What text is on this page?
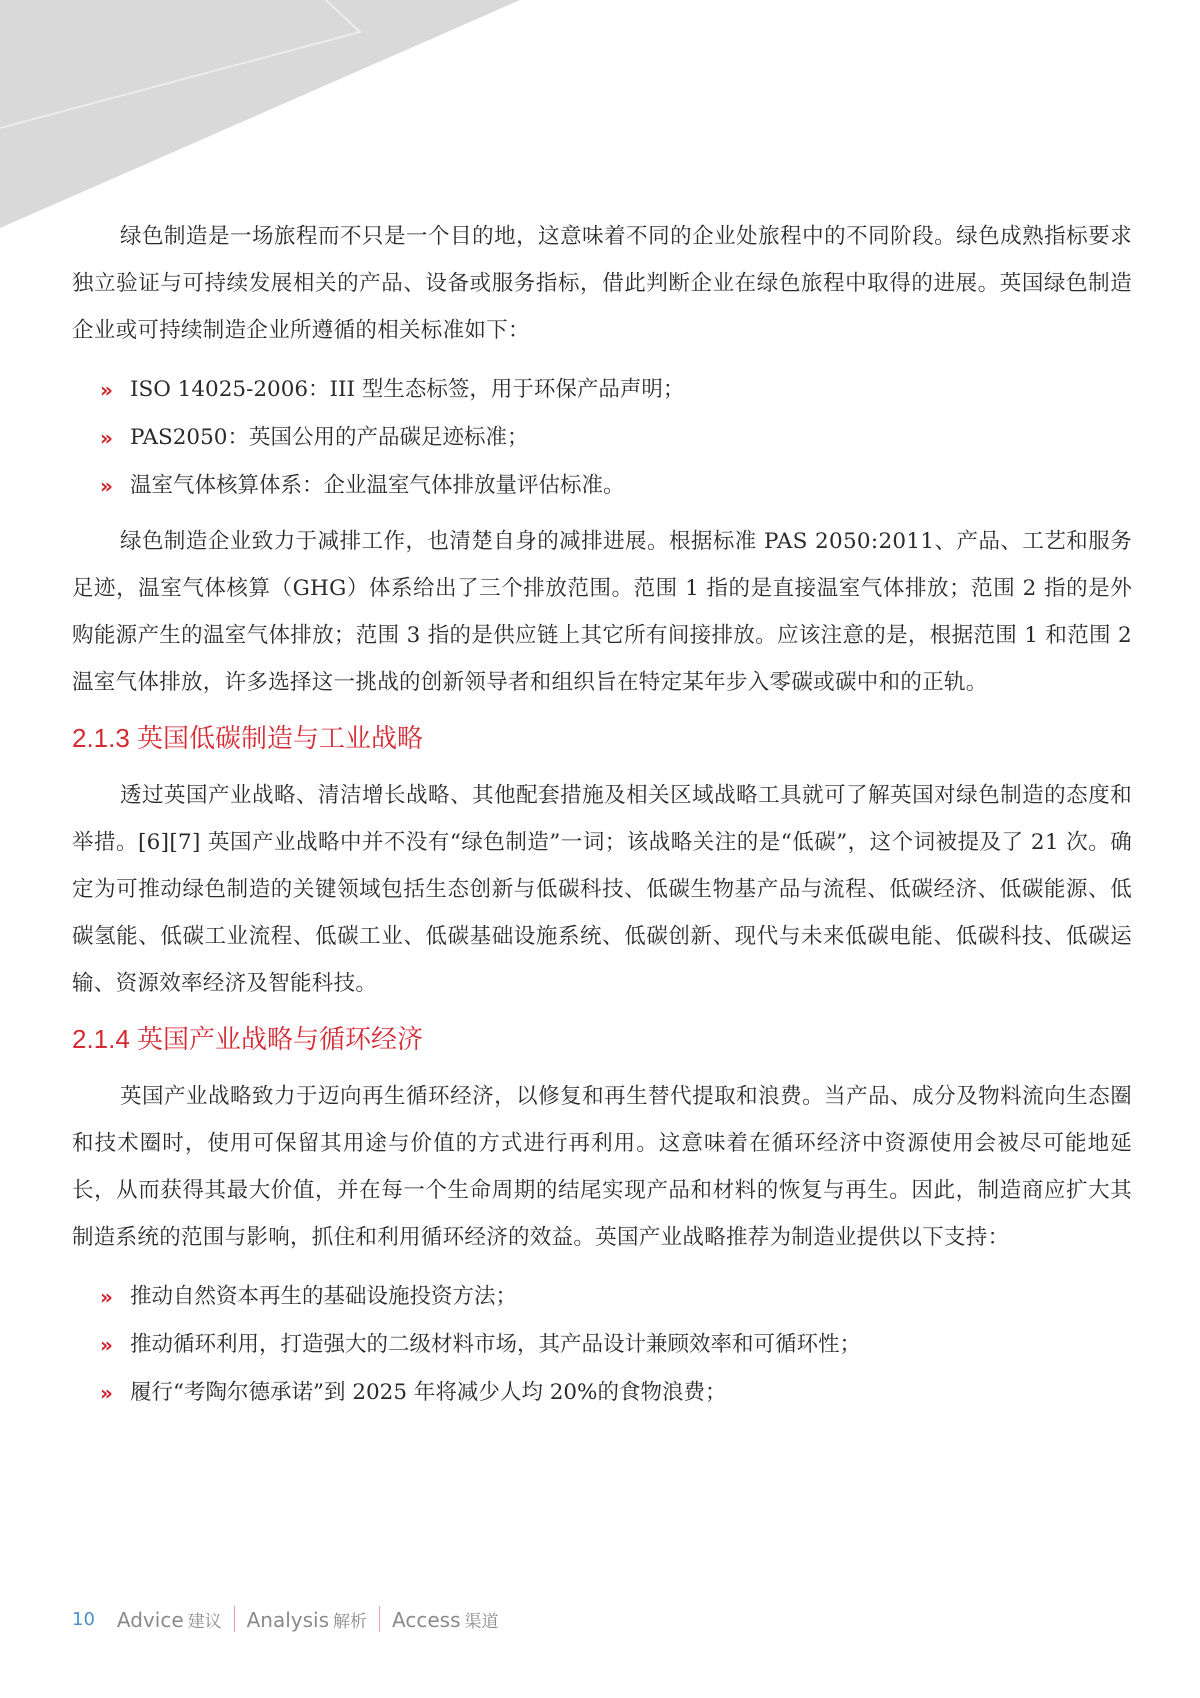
绿色制造是一场旅程而不只是一个目的地，这意味着不同的企业处旅程中的不同阶段。绿色成熟指标要求独立验证与可持续发展相关的产品、设备或服务指标，借此判断企业在绿色旅程中取得的进展。英国绿色制造企业或可持续制造企业所遵循的相关标准如下：

» ISO 14025-2006：III 型生态标签，用于环保产品声明；
» PAS2050：英国公用的产品碳足迹标准；
» 温室气体核算体系：企业温室气体排放量评估标准。

绿色制造企业致力于减排工作，也清楚自身的减排进展。根据标准 PAS 2050:2011、产品、工艺和服务足迹，温室气体核算（GHG）体系给出了三个排放范围。范围 1 指的是直接温室气体排放；范围 2 指的是外购能源产生的温室气体排放；范围 3 指的是供应链上其它所有间接排放。应该注意的是，根据范围 1 和范围 2 温室气体排放，许多选择这一挑战的创新领导者和组织旨在特定某年步入零碳或碳中和的正轨。

2.1.3 英国低碳制造与工业战略

透过英国产业战略、清洁增长战略、其他配套措施及相关区域战略工具就可了解英国对绿色制造的态度和举措。[6][7] 英国产业战略中并不没有“绿色制造”一词；该战略关注的是“低碳”，这个词被提及了 21 次。确定为可推动绿色制造的关键领域包括生态创新与低碳科技、低碳生物基产品与流程、低碳经济、低碳能源、低碳氢能、低碳工业流程、低碳工业、低碳基础设施系统、低碳创新、现代与未来低碳电能、低碳科技、低碳运输、资源效率经济及智能科技。

2.1.4 英国产业战略与循环经济

英国产业战略致力于迈向再生循环经济，以修复和再生替代提取和浪费。当产品、成分及物料流向生态圈和技术圈时，使用可保留其用途与价值的方式进行再利用。这意味着在循环经济中资源使用会被尽可能地延长，从而获得其最大价值，并在每一个生命周期的结尾实现产品和材料的恢复与再生。因此，制造商应扩大其制造系统的范围与影响，抓住和利用循环经济的效益。英国产业战略推荐为制造业提供以下支持：

» 推动自然资本再生的基础设施投资方法；
» 推动循环利用，打造强大的二级材料市场，其产品设计兼顾效率和可循环性；
» 履行“考陶尔德承诺”到 2025 年将减少人均 20%的食物浪费；
10 Advice 建议 Analysis 解析 Access 渠道
